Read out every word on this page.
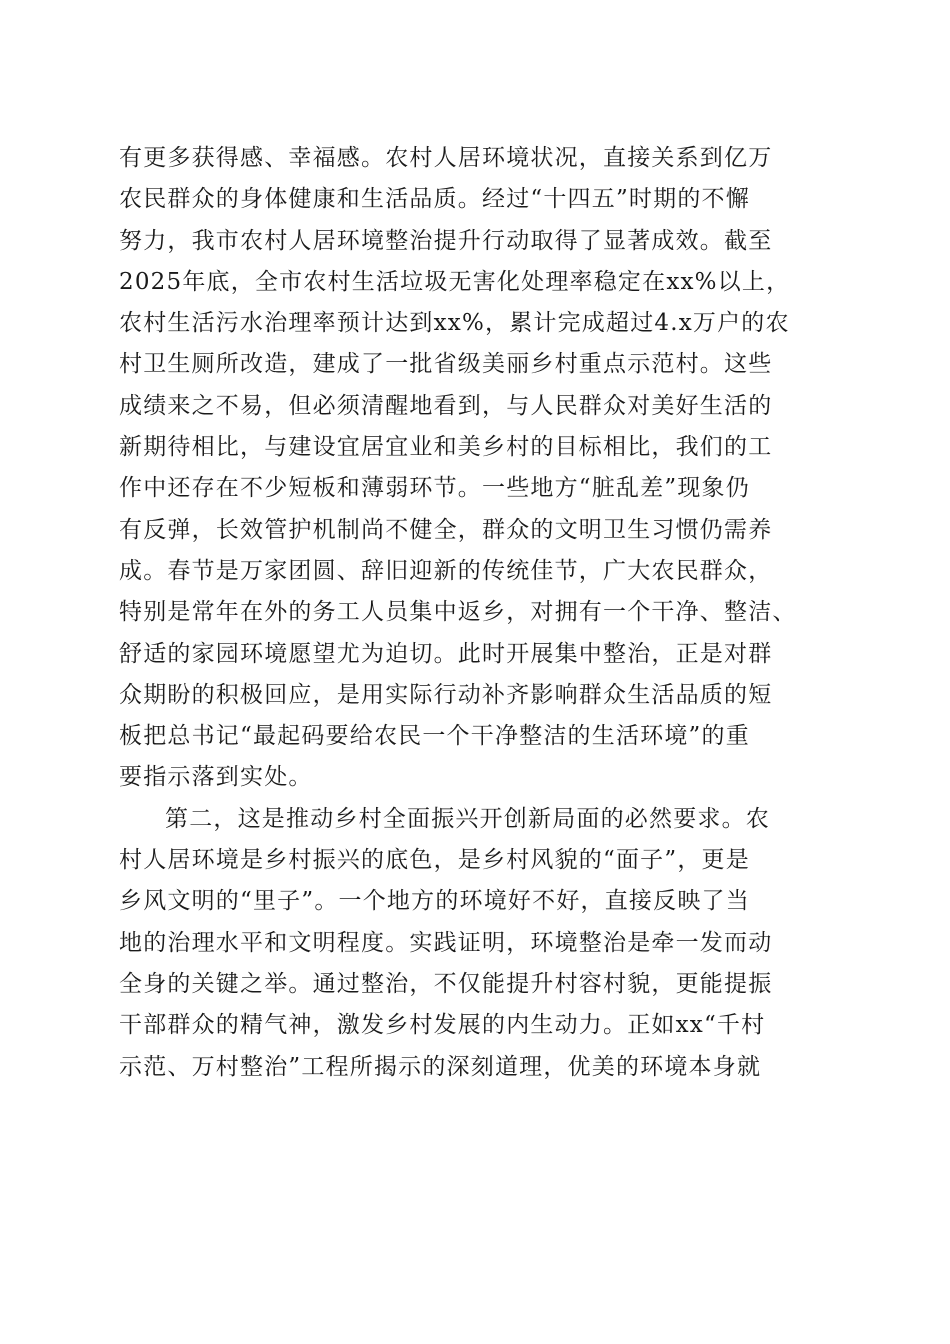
有更多获得感、幸福感。农村人居环境状况，直接关系到亿万
农民群众的身体健康和生活品质。经过“十四五”时期的不懈
努力，我市农村人居环境整治提升行动取得了显著成效。截至
2025年底，全市农村生活垃圾无害化处理率稳定在xx%以上，
农村生活污水治理率预计达到xx%，累计完成超过4.x万户的农
村卫生厕所改造，建成了一批省级美丽乡村重点示范村。这些
成绩来之不易，但必须清醒地看到，与人民群众对美好生活的
新期待相比，与建设宜居宜业和美乡村的目标相比，我们的工
作中还存在不少短板和薄弱环节。一些地方“脏乱差”现象仍
有反弹，长效管护机制尚不健全，群众的文明卫生习惯仍需养
成。春节是万家团圆、辞旧迎新的传统佳节，广大农民群众，
特别是常年在外的务工人员集中返乡，对拥有一个干净、整洁、
舒适的家园环境愿望尤为迫切。此时开展集中整治，正是对群
众期盼的积极回应，是用实际行动补齐影响群众生活品质的短
板把总书记“最起码要给农民一个干净整洁的生活环境”的重
要指示落到实处。
第二，这是推动乡村全面振兴开创新局面的必然要求。农
村人居环境是乡村振兴的底色，是乡村风貌的“面子”，更是
乡风文明的“里子”。一个地方的环境好不好，直接反映了当
地的治理水平和文明程度。实践证明，环境整治是牵一发而动
全身的关键之举。通过整治，不仅能提升村容村貌，更能提振
干部群众的精气神，激发乡村发展的内生动力。正如xx“千村
示范、万村整治”工程所揭示的深刻道理，优美的环境本身就
